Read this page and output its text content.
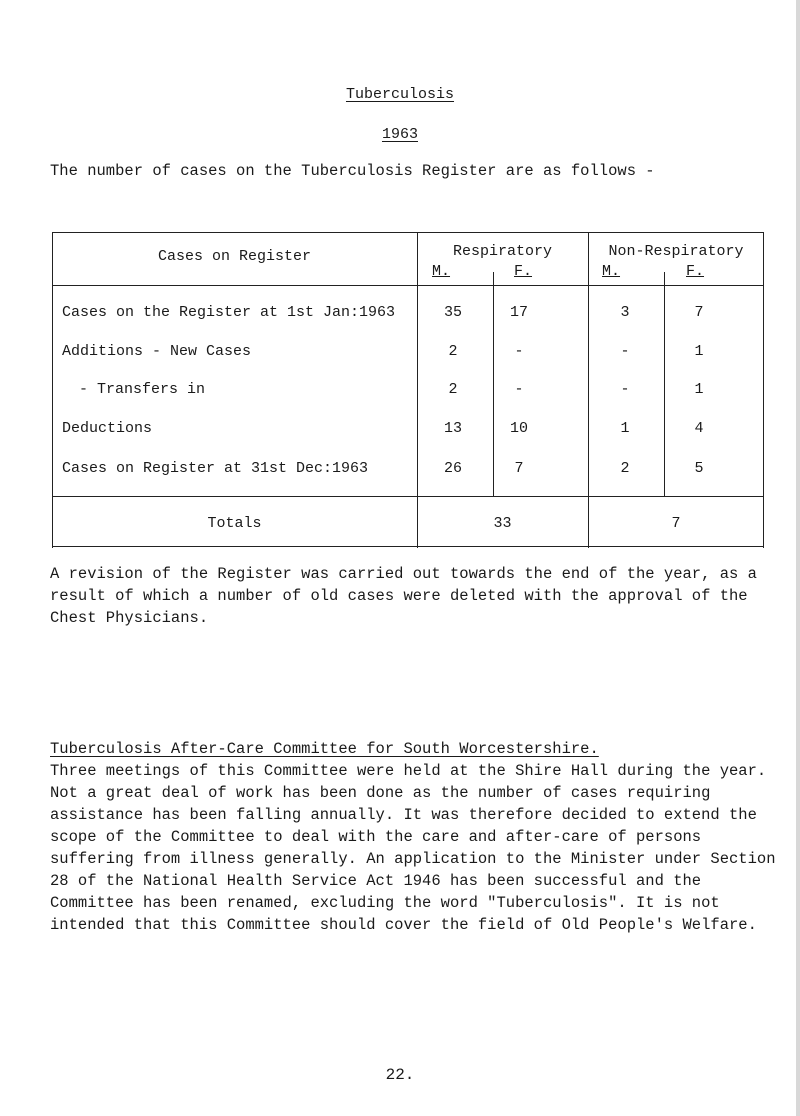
Tuberculosis
1963
The number of cases on the Tuberculosis Register are as follows -
Cases on Register	Respiratory	Non-Respiratory
M.	F.	M.	F.
Cases on the Register at 1st Jan:1963	35	17	3	7
Additions - New Cases	2	-	-	1
- Transfers in	2	-	-	1
Deductions	13	10	1	4
Cases on Register at 31st Dec:1963	26	7	2	5
Totals	33	7
A revision of the Register was carried out towards the end of the year, as a result of which a number of old cases were deleted with the approval of the Chest Physicians.
Tuberculosis After-Care Committee for South Worcestershire.
Three meetings of this Committee were held at the Shire Hall during the year. Not a great deal of work has been done as the number of cases requiring assistance has been falling annually. It was therefore decided to extend the scope of the Committee to deal with the care and after-care of persons suffering from illness generally. An application to the Minister under Section 28 of the National Health Service Act 1946 has been successful and the Committee has been renamed, excluding the word "Tuberculosis". It is not intended that this Committee should cover the field of Old People's Welfare.
22.
